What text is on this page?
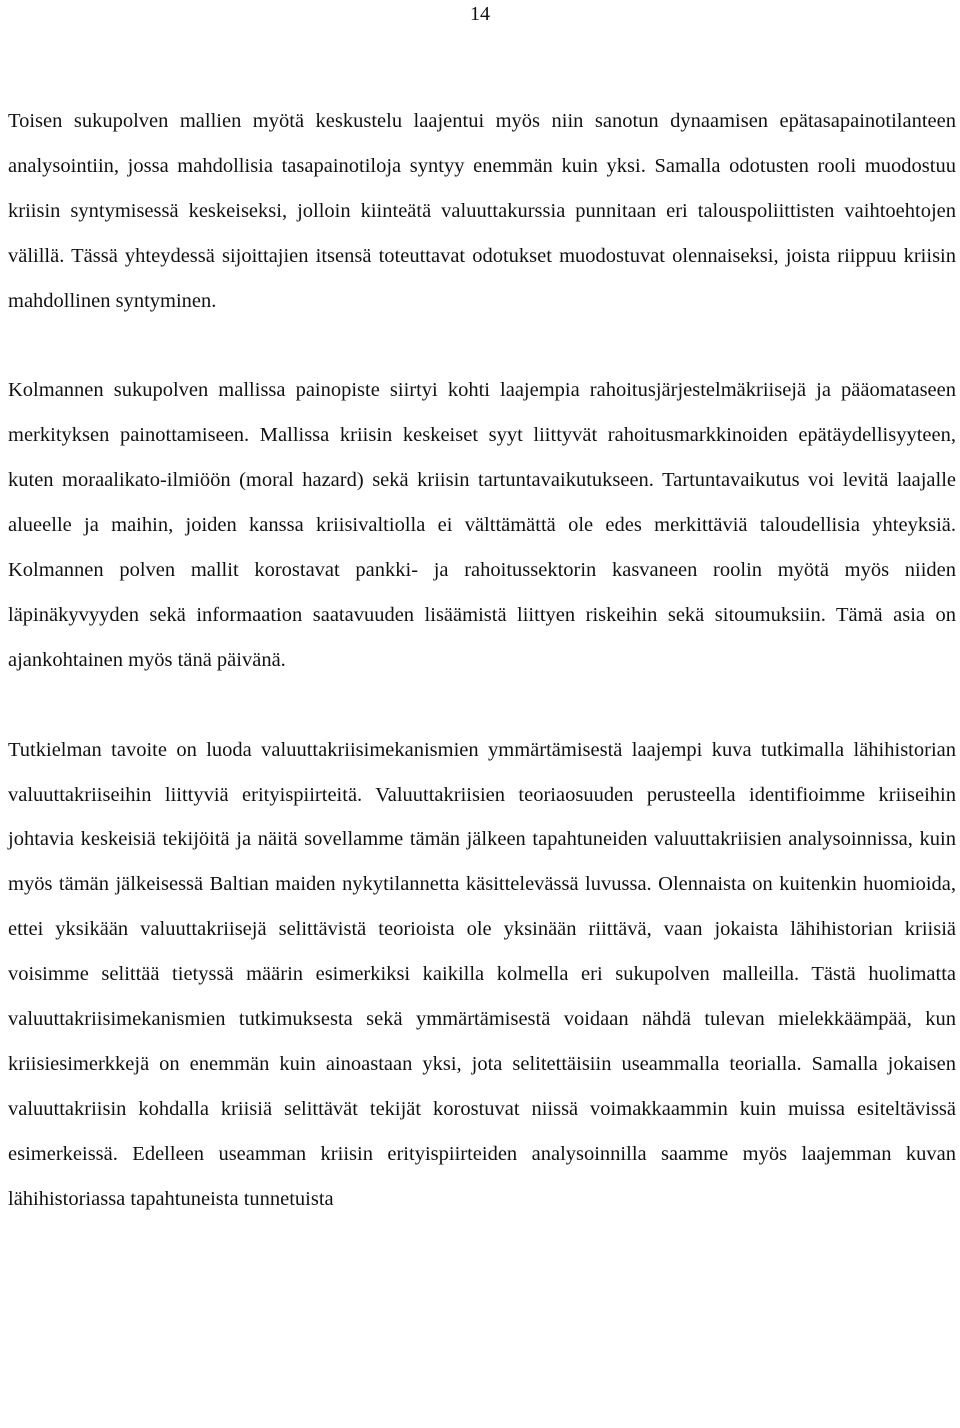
14

Toisen sukupolven mallien myötä keskustelu laajentui myös niin sanotun dynaamisen epätasapainotilanteen analysointiin, jossa mahdollisia tasapainotiloja syntyy enemmän kuin yksi. Samalla odotusten rooli muodostuu kriisin syntymisessä keskeiseksi, jolloin kiinteätä valuuttakurssia punnitaan eri talouspoliittisten vaihtoehtojen välillä. Tässä yhteydessä sijoittajien itsensä toteuttavat odotukset muodostuvat olennaiseksi, joista riippuu kriisin mahdollinen syntyminen.

Kolmannen sukupolven mallissa painopiste siirtyi kohti laajempia rahoitusjärjestelmäkriisejä ja pääomataseen merkityksen painottamiseen. Mallissa kriisin keskeiset syyt liittyvät rahoitusmarkkinoiden epätäydellisyyteen, kuten moraalikato-ilmiöön (moral hazard) sekä kriisin tartuntavaikutukseen. Tartuntavaikutus voi levitä laajalle alueelle ja maihin, joiden kanssa kriisivaltiolla ei välttämättä ole edes merkittäviä taloudellisia yhteyksiä. Kolmannen polven mallit korostavat pankki- ja rahoitussektorin kasvaneen roolin myötä myös niiden läpinäkyvyyden sekä informaation saatavuuden lisäämistä liittyen riskeihin sekä sitoumuksiin. Tämä asia on ajankohtainen myös tänä päivänä.

Tutkielman tavoite on luoda valuuttakriisimekanismien ymmärtämisestä laajempi kuva tutkimalla lähihistorian valuuttakriiseihin liittyviä erityispiirteitä. Valuuttakriisien teoriaosuuden perusteella identifioimme kriiseihin johtavia keskeisiä tekijöitä ja näitä sovellamme tämän jälkeen tapahtuneiden valuuttakriisien analysoinnissa, kuin myös tämän jälkeisessä Baltian maiden nykytilannetta käsittelevässä luvussa. Olennaista on kuitenkin huomioida, ettei yksikään valuuttakriisejä selittävistä teorioista ole yksinään riittävä, vaan jokaista lähihistorian kriisiä voisimme selittää tietyssä määrin esimerkiksi kaikilla kolmella eri sukupolven malleilla. Tästä huolimatta valuuttakriisimekanismien tutkimuksesta sekä ymmärtämisestä voidaan nähdä tulevan mielekkäämpää, kun kriisiesimerkkejä on enemmän kuin ainoastaan yksi, jota selitettäisiin useammalla teorialla. Samalla jokaisen valuuttakriisin kohdalla kriisiä selittävät tekijät korostuvat niissä voimakkaammin kuin muissa esiteltävissä esimerkeissä. Edelleen useamman kriisin erityispiirteiden analysoinnilla saamme myös laajemman kuvan lähihistoriassa tapahtuneista tunnetuista
